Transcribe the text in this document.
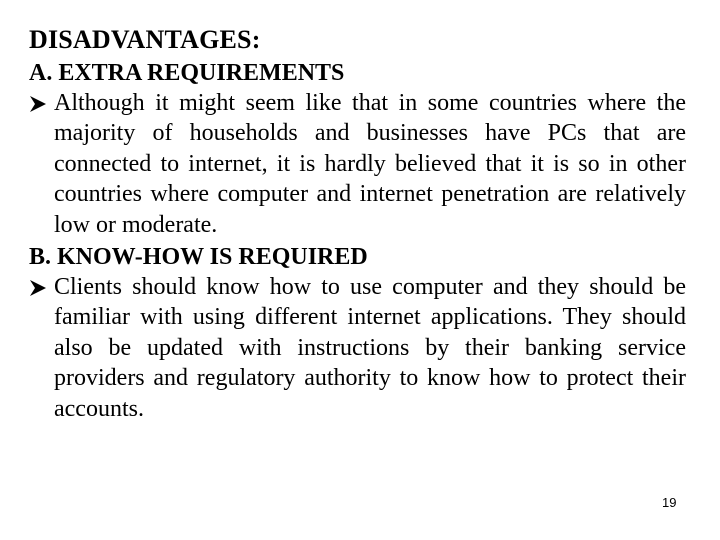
DISADVANTAGES:
A. EXTRA REQUIREMENTS
Although it might seem like that in some countries where the majority of households and businesses have PCs that are connected to internet, it is hardly believed that it is so in other countries where computer and internet penetration are relatively low or moderate.
B. KNOW-HOW IS REQUIRED
Clients should know how to use computer and they should be familiar with using different internet applications. They should also be updated with instructions by their banking service providers and regulatory authority to know how to protect their accounts.
19
